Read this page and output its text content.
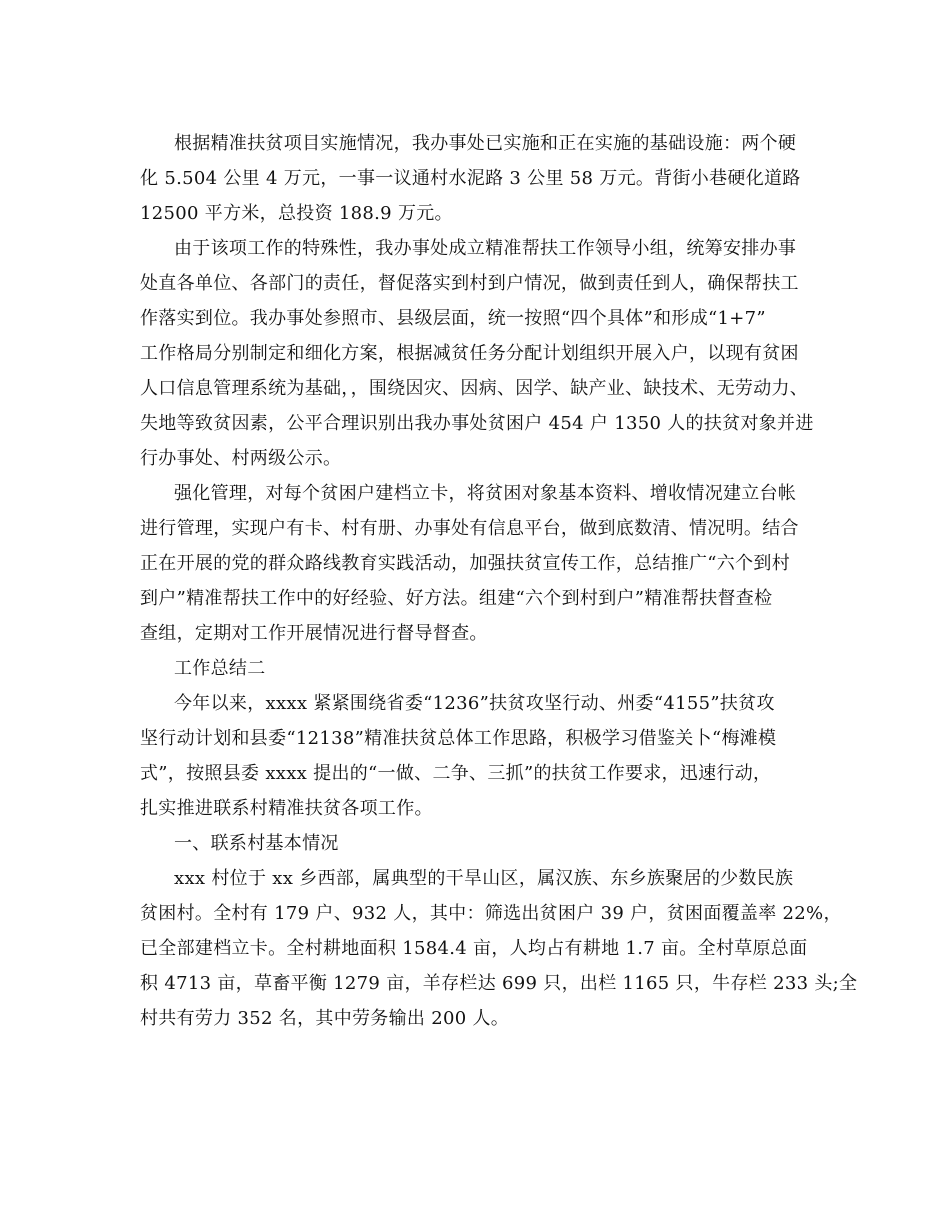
根据精准扶贫项目实施情况，我办事处已实施和正在实施的基础设施：两个硬
化 5.504 公里 4 万元，一事一议通村水泥路 3 公里 58 万元。背街小巷硬化道路
12500 平方米，总投资 188.9 万元。
由于该项工作的特殊性，我办事处成立精准帮扶工作领导小组，统筹安排办事
处直各单位、各部门的责任，督促落实到村到户情况，做到责任到人，确保帮扶工
作落实到位。我办事处参照市、县级层面，统一按照“四个具体”和形成“1+7”
工作格局分别制定和细化方案，根据减贫任务分配计划组织开展入户，以现有贫困
人口信息管理系统为基础，，围绕因灾、因病、因学、缺产业、缺技术、无劳动力、
失地等致贫因素，公平合理识别出我办事处贫困户 454 户 1350 人的扶贫对象并进
行办事处、村两级公示。
强化管理，对每个贫困户建档立卡，将贫困对象基本资料、增收情况建立台帐
进行管理，实现户有卡、村有册、办事处有信息平台，做到底数清、情况明。结合
正在开展的党的群众路线教育实践活动，加强扶贫宣传工作，总结推广“六个到村
到户”精准帮扶工作中的好经验、好方法。组建“六个到村到户”精准帮扶督查检
查组，定期对工作开展情况进行督导督查。
工作总结二
今年以来，xxxx 紧紧围绕省委“1236”扶贫攻坚行动、州委“4155”扶贫攻
坚行动计划和县委“12138”精准扶贫总体工作思路，积极学习借鉴关卜“梅滩模
式”，按照县委 xxxx 提出的“一做、二争、三抓”的扶贫工作要求，迅速行动，
扎实推进联系村精准扶贫各项工作。
一、联系村基本情况
xxx 村位于 xx 乡西部，属典型的干旱山区，属汉族、东乡族聚居的少数民族
贫困村。全村有 179 户、932 人，其中：筛选出贫困户 39 户，贫困面覆盖率 22%，
已全部建档立卡。全村耕地面积 1584.4 亩，人均占有耕地 1.7 亩。全村草原总面
积 4713 亩，草畜平衡 1279 亩，羊存栏达 699 只，出栏 1165 只，牛存栏 233 头;全
村共有劳力 352 名，其中劳务输出 200 人。
